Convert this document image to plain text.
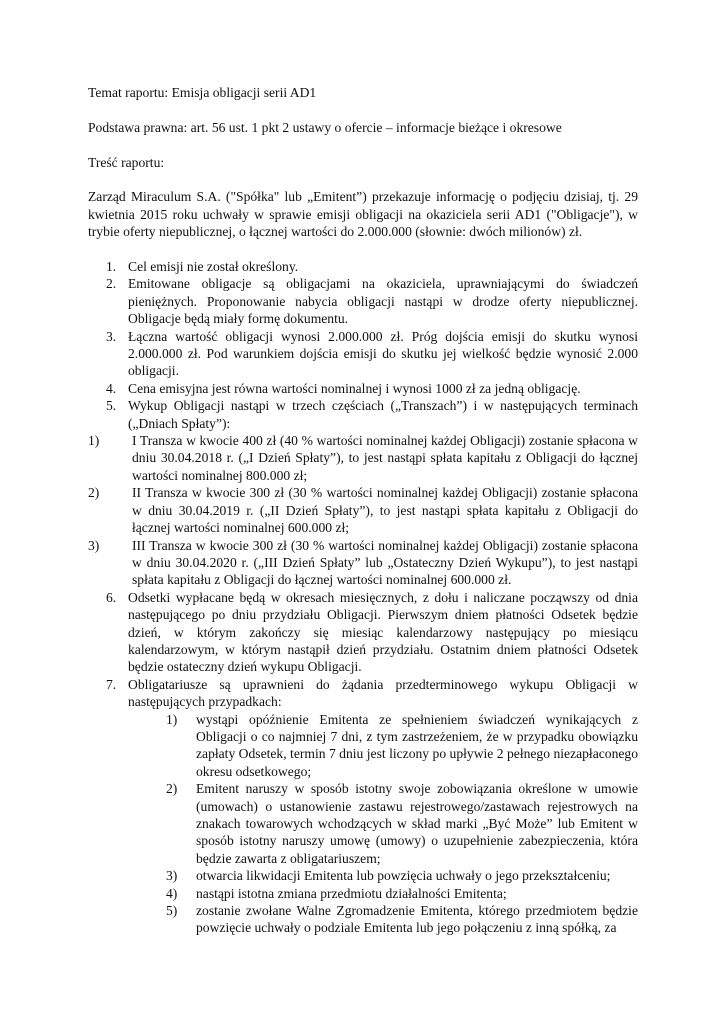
Temat raportu: Emisja obligacji serii AD1

Podstawa prawna: art. 56 ust. 1 pkt 2 ustawy o ofercie – informacje bieżące i okresowe

Treść raportu:

Zarząd Miraculum S.A. ("Spółka" lub „Emitent”) przekazuje informację o podjęciu dzisiaj, tj. 29 kwietnia 2015 roku uchwały w sprawie emisji obligacji na okaziciela serii AD1 ("Obligacje"), w trybie oferty niepublicznej, o łącznej wartości do 2.000.000 (słownie: dwóch milionów) zł.

1. Cel emisji nie został określony.
2. Emitowane obligacje są obligacjami na okaziciela, uprawniającymi do świadczeń pieniężnych. Proponowanie nabycia obligacji nastąpi w drodze oferty niepublicznej. Obligacje będą miały formę dokumentu.
3. Łączna wartość obligacji wynosi 2.000.000 zł. Próg dojścia emisji do skutku wynosi 2.000.000 zł. Pod warunkiem dojścia emisji do skutku jej wielkość będzie wynosić 2.000 obligacji.
4. Cena emisyjna jest równa wartości nominalnej i wynosi 1000 zł za jedną obligację.
5. Wykup Obligacji nastąpi w trzech częściach („Transzach”) i w następujących terminach („Dniach Spłaty”):
1) I Transza w kwocie 400 zł (40 % wartości nominalnej każdej Obligacji) zostanie spłacona w dniu 30.04.2018 r. („I Dzień Spłaty”), to jest nastąpi spłata kapitału z Obligacji do łącznej wartości nominalnej 800.000 zł;
2) II Transza w kwocie 300 zł (30 % wartości nominalnej każdej Obligacji) zostanie spłacona w dniu 30.04.2019 r. („II Dzień Spłaty”), to jest nastąpi spłata kapitału z Obligacji do łącznej wartości nominalnej 600.000 zł;
3) III Transza w kwocie 300 zł (30 % wartości nominalnej każdej Obligacji) zostanie spłacona w dniu 30.04.2020 r. („III Dzień Spłaty” lub „Ostateczny Dzień Wykupu”), to jest nastąpi spłata kapitału z Obligacji do łącznej wartości nominalnej 600.000 zł.
6. Odsetki wypłacane będą w okresach miesięcznych, z dołu i naliczane począwszy od dnia następującego po dniu przydziału Obligacji. Pierwszym dniem płatności Odsetek będzie dzień, w którym zakończy się miesiąc kalendarzowy następujący po miesiącu kalendarzowym, w którym nastąpił dzień przydziału. Ostatnim dniem płatności Odsetek będzie ostateczny dzień wykupu Obligacji.
7. Obligatariusze są uprawnieni do żądania przedterminowego wykupu Obligacji w następujących przypadkach:
1) wystąpi opóźnienie Emitenta ze spełnieniem świadczeń wynikających z Obligacji o co najmniej 7 dni, z tym zastrzeżeniem, że w przypadku obowiązku zapłaty Odsetek, termin 7 dniu jest liczony po upływie 2 pełnego niezapłaconego okresu odsetkowego;
2) Emitent naruszy w sposób istotny swoje zobowiązania określone w umowie (umowach) o ustanowienie zastawu rejestrowego/zastawach rejestrowych na znakach towarowych wchodzących w skład marki „Być Może” lub Emitent w sposób istotny naruszy umowę (umowy) o uzupełnienie zabezpieczenia, która będzie zawarta z obligatariuszem;
3) otwarcia likwidacji Emitenta lub powzięcia uchwały o jego przekształceniu;
4) nastąpi istotna zmiana przedmiotu działalności Emitenta;
5) zostanie zwołane Walne Zgromadzenie Emitenta, którego przedmiotem będzie powzięcie uchwały o podziale Emitenta lub jego połączeniu z inną spółką, za
